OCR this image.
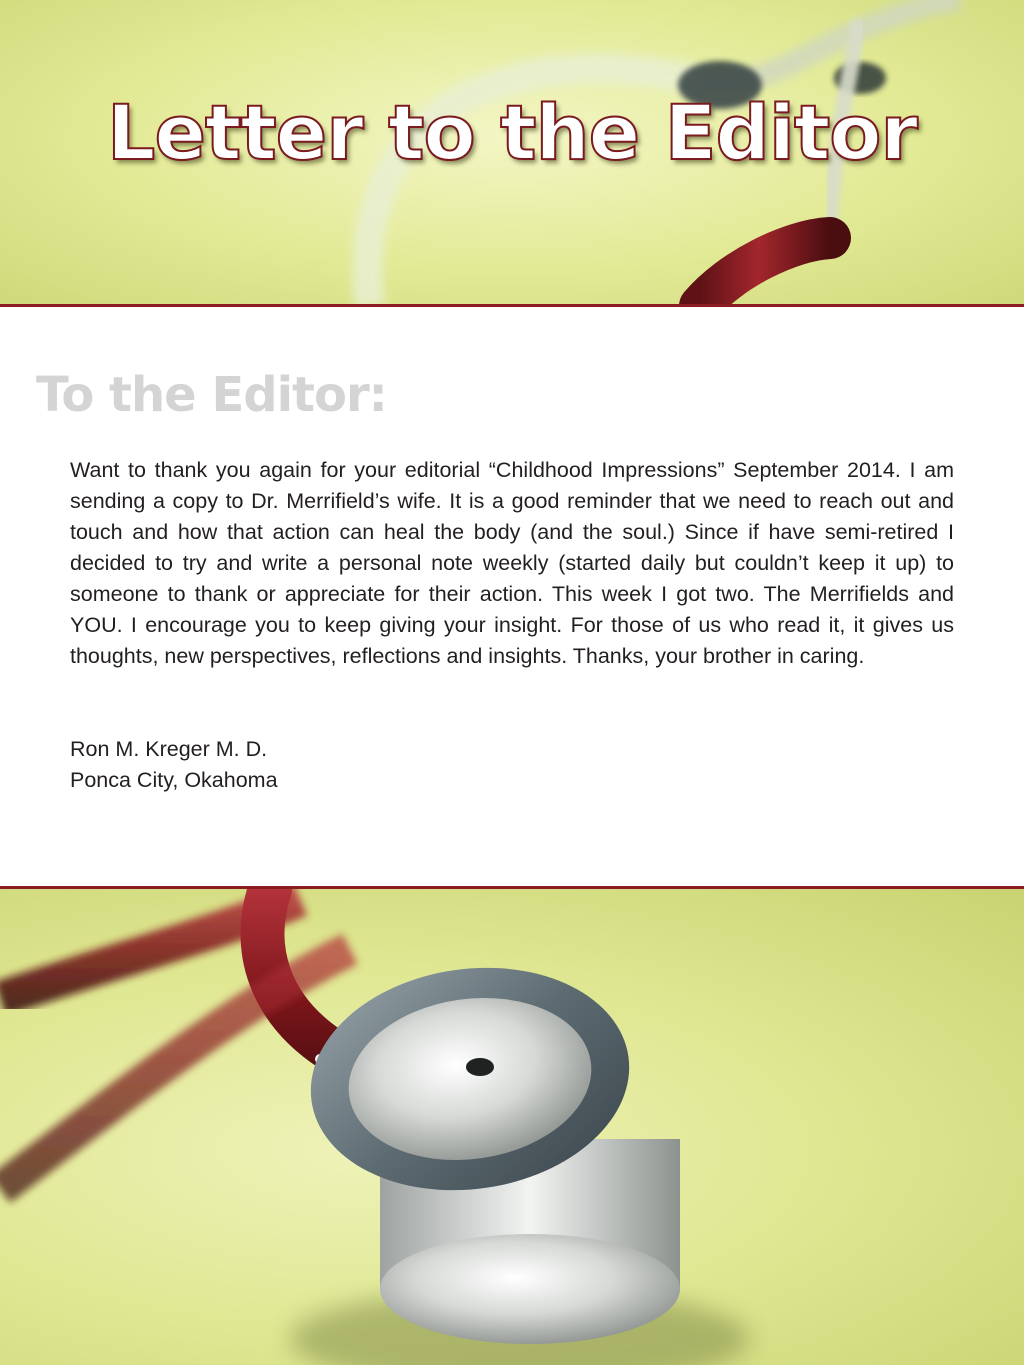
Letter to the Editor
To the Editor:

Want to thank you again for your editorial “Childhood Impressions” September 2014. I am sending a copy to Dr. Merrifield’s wife. It is a good reminder that we need to reach out and touch and how that action can heal the body (and the soul.) Since if have semi-retired I decided to try and write a personal note weekly (started daily but couldn’t keep it up) to someone to thank or appreciate for their action. This week I got two. The Merrifields and YOU. I encourage you to keep giving your insight. For those of us who read it, it gives us thoughts, new perspectives, reflections and insights. Thanks, your brother in caring.

Ron M. Kreger M. D.
Ponca City, Okahoma
